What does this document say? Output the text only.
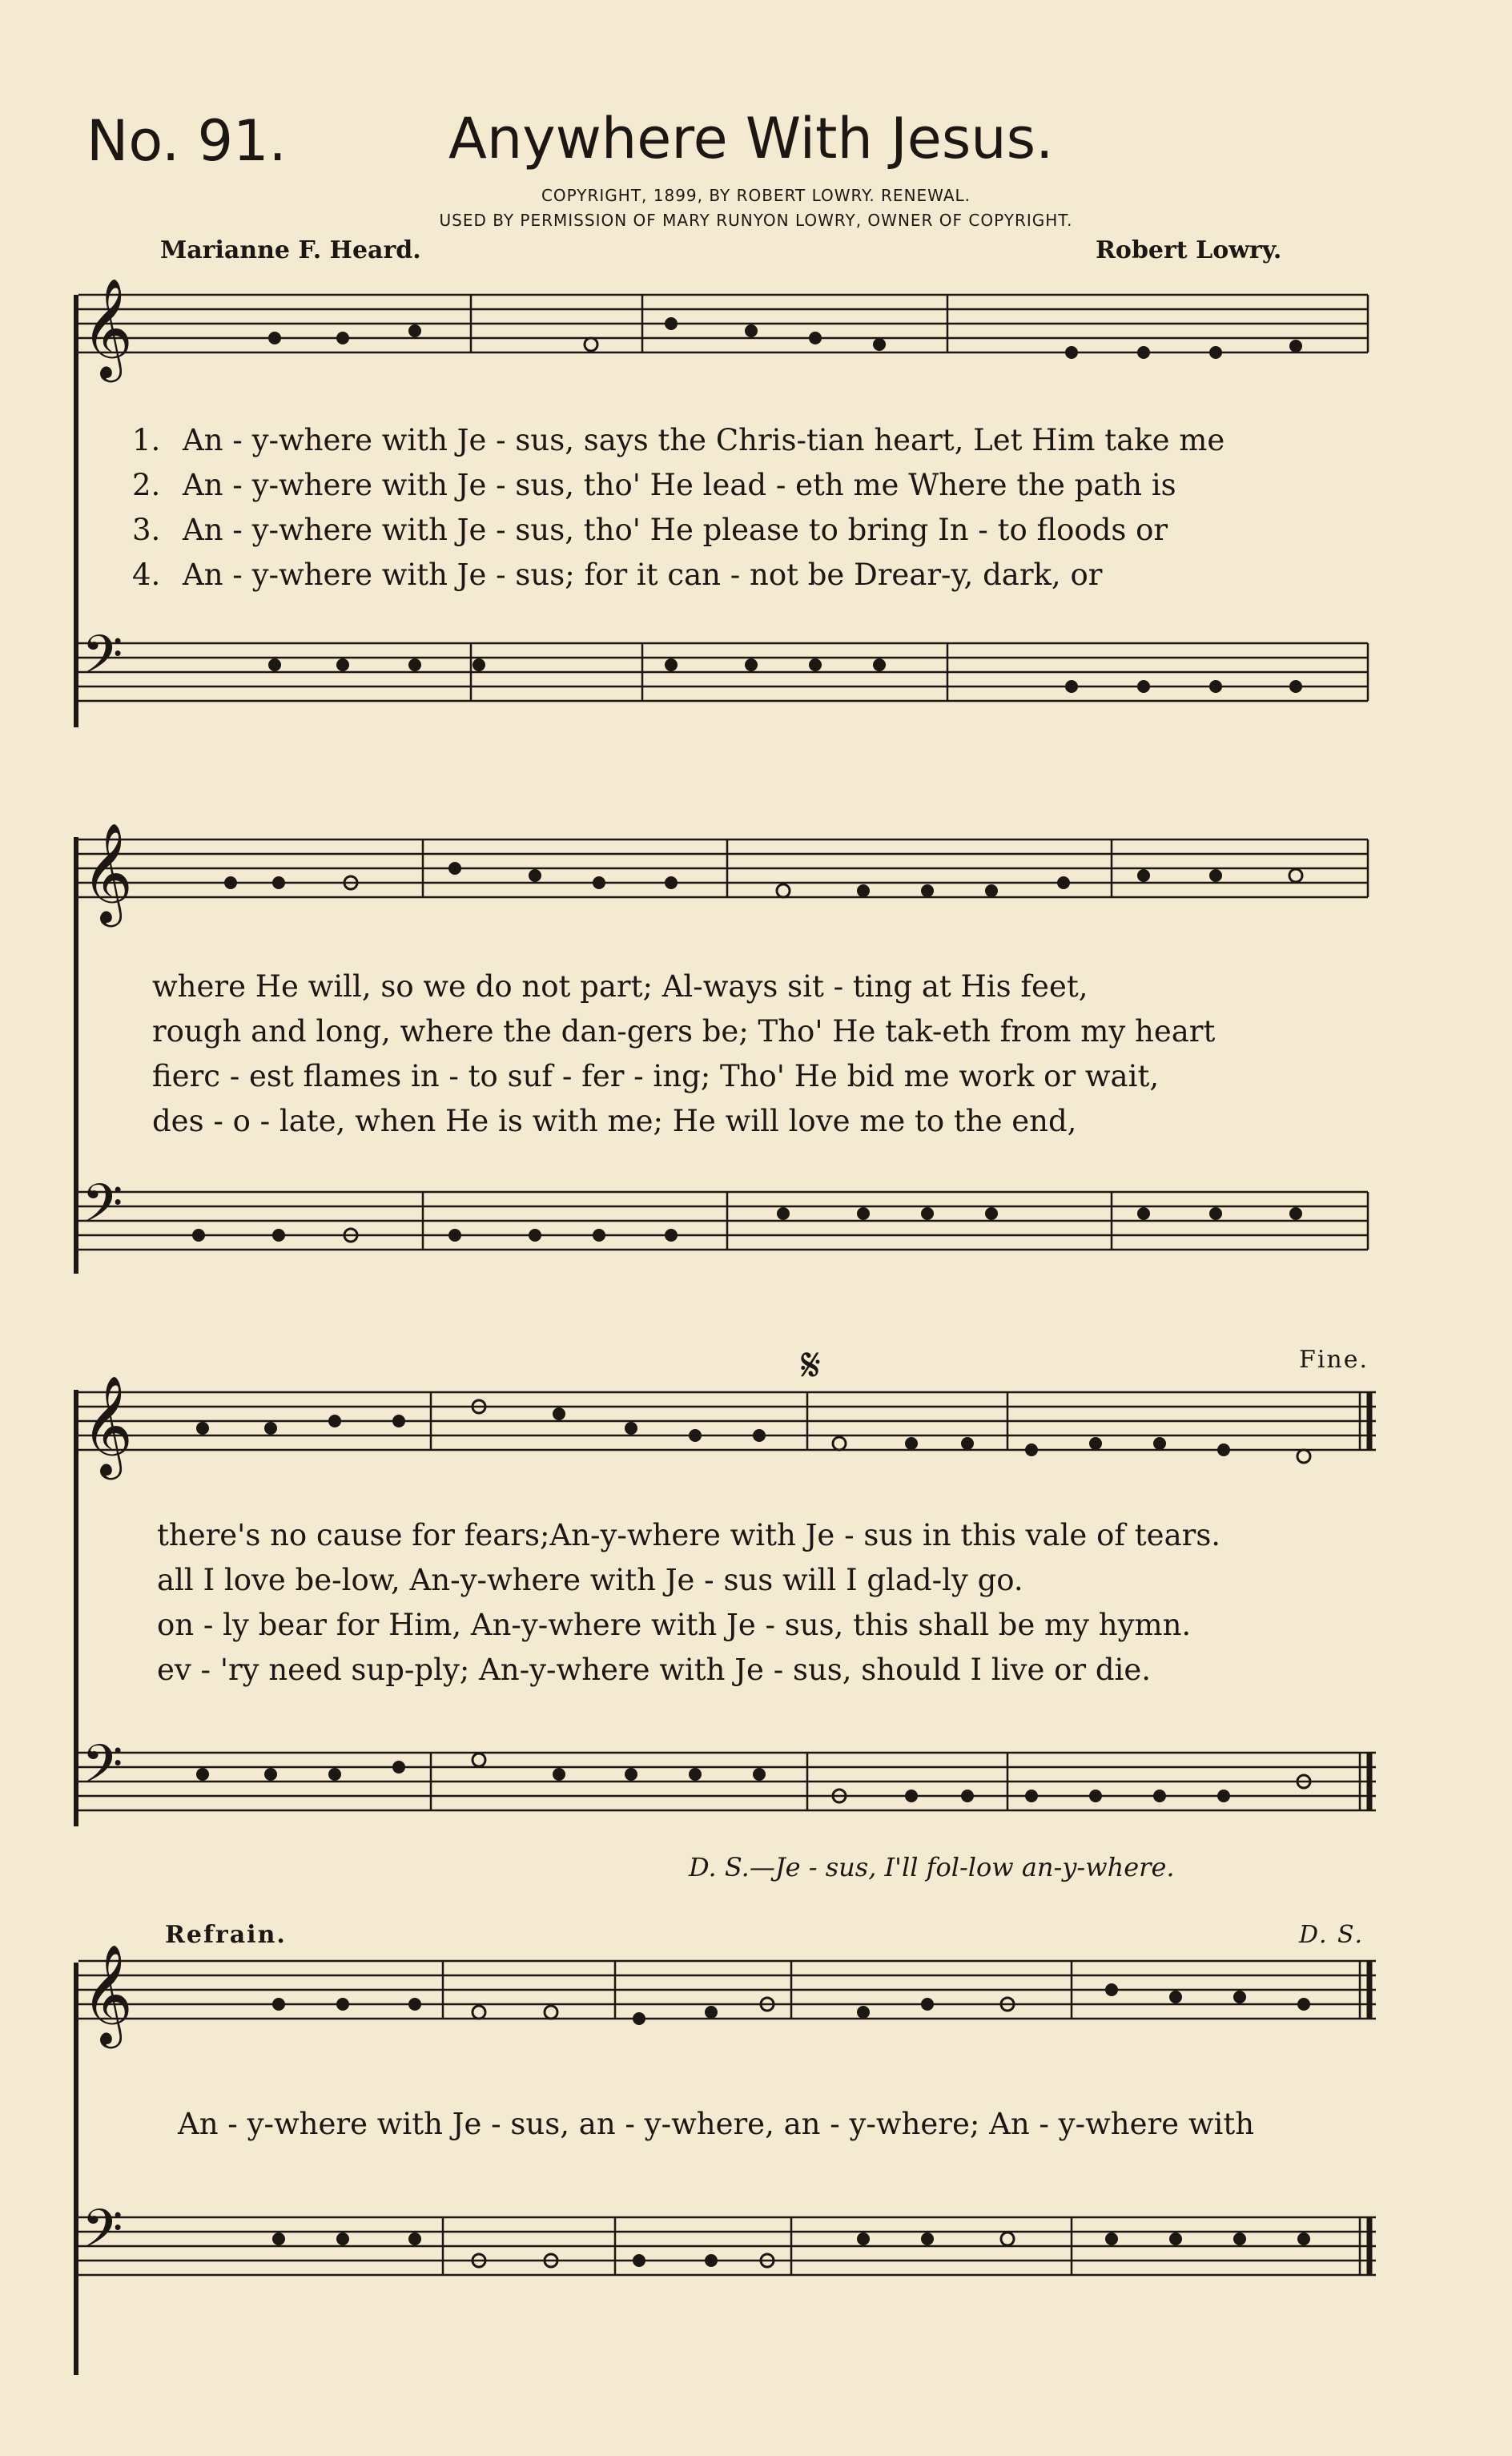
No. 91.	Anywhere With Jesus.
COPYRIGHT, 1899, BY ROBERT LOWRY. RENEWAL.
USED BY PERMISSION OF MARY RUNYON LOWRY, OWNER OF COPYRIGHT.
Marianne F. Heard.	Robert Lowry.
𝄞
𝄢
1. An - y-where with Je - sus, says the Chris-tian heart, Let Him take me
2. An - y-where with Je - sus, tho' He lead - eth me Where the path is
3. An - y-where with Je - sus, tho' He please to bring In - to floods or
4. An - y-where with Je - sus; for it can - not be Drear-y, dark, or
𝄞
𝄢
where He will, so we do not part; Al-ways sit - ting at His feet,
rough and long, where the dan-gers be; Tho' He tak-eth from my heart
fierc - est flames in - to suf - fer - ing; Tho' He bid me work or wait,
des - o - late, when He is with me; He will love me to the end,
𝄋	Fine.
𝄞
𝄢
there's no cause for fears;An-y-where with Je - sus in this vale of tears.
all I love be-low, An-y-where with Je - sus will I glad-ly go.
on - ly bear for Him, An-y-where with Je - sus, this shall be my hymn.
ev - 'ry need sup-ply; An-y-where with Je - sus, should I live or die.
D. S.—Je - sus, I'll fol-low an-y-where.
Refrain.	D. S.
𝄞
𝄢
An - y-where with Je - sus, an - y-where, an - y-where; An - y-where with
